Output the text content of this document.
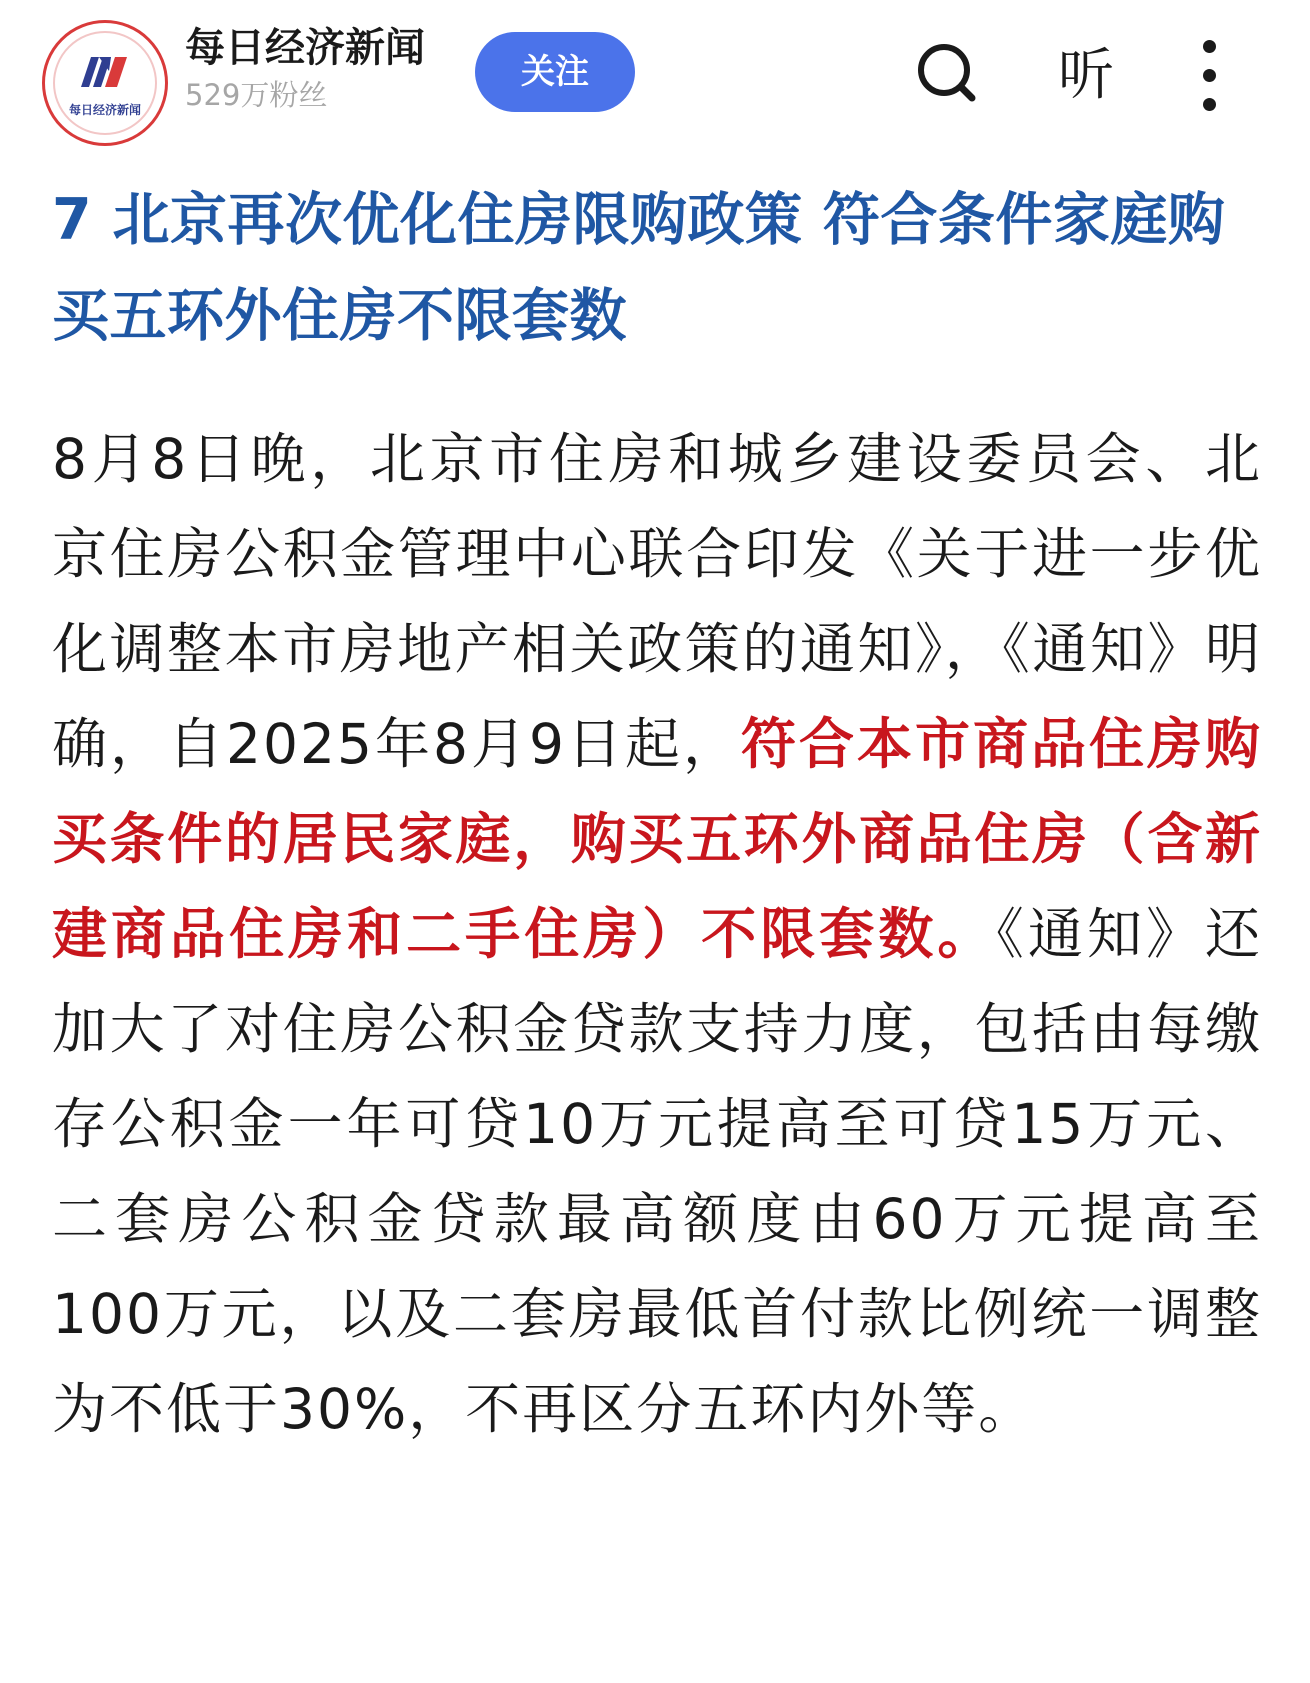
每日经济新闻
每日经济新闻
529万粉丝
关注	听
7 北京再次优化住房限购政策 符合条件家庭购买五环外住房不限套数

8月8日晚，北京市住房和城乡建设委员会、北京住房公积金管理中心联合印发《关于进一步优化调整本市房地产相关政策的通知》，《通知》明确，自2025年8月9日起，符合本市商品住房购买条件的居民家庭，购买五环外商品住房（含新建商品住房和二手住房）不限套数。《通知》还加大了对住房公积金贷款支持力度，包括由每缴存公积金一年可贷10万元提高至可贷15万元、二套房公积金贷款最高额度由60万元提高至100万元，以及二套房最低首付款比例统一调整为不低于30%，不再区分五环内外等。
